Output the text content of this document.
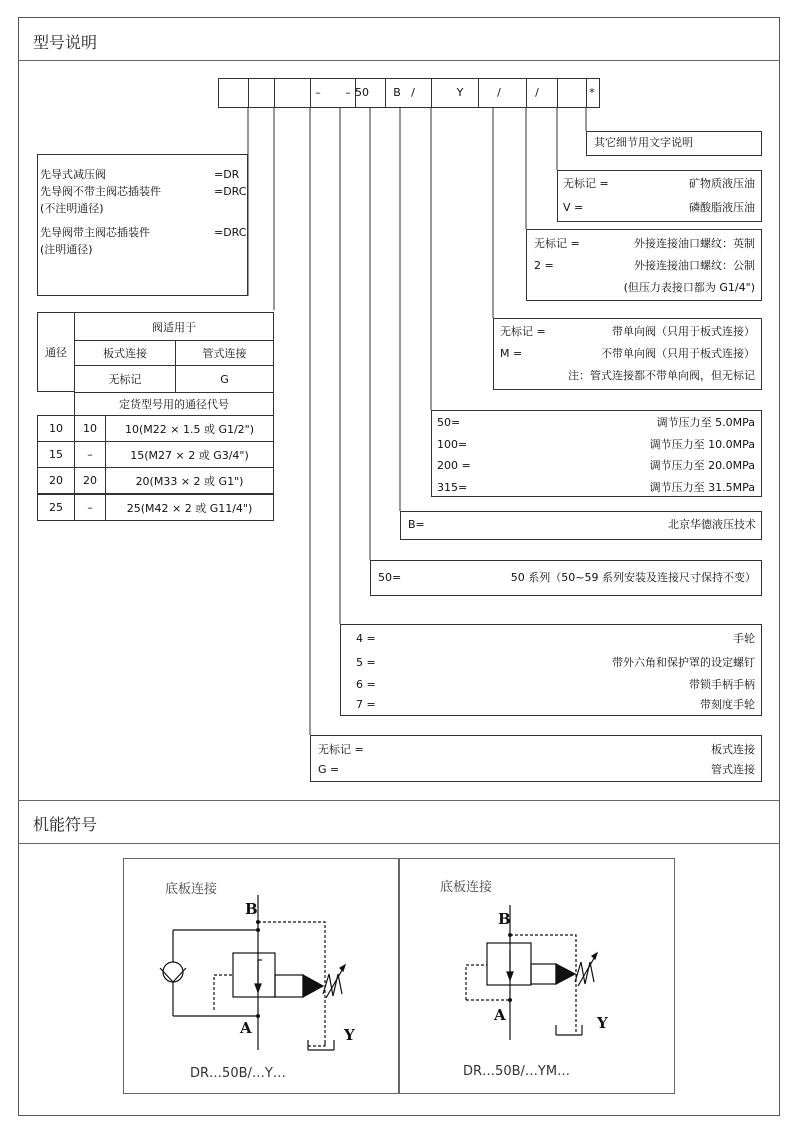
型号说明
其它细节用文字说明
B=	北京华德液压技术
50=	50 系列（50~59 系列安装及连接尺寸保持不变）
机能符号
底板连接	底板连接
DR…50B/…Y…	DR…50B/…YM…
B
A	Y
B
A	Y
–	– 50	B /	Y	/	/	*
先导式减压阀	=DR
先导阀不带主阀芯插装件	=DRC
(不注明通径)
先导阀带主阀芯插装件	=DRC
(注明通径)
通径
阀适用于
板式连接	管式连接
无标记	G
定货型号用的通径代号
10	10	10(M22 × 1.5 或 G1/2")
15	–	15(M27 × 2 或 G3/4")
20	20	20(M33 × 2 或 G1")
25	–	25(M42 × 2 或 G11/4")
无标记 =	矿物质液压油
V =	磷酸脂液压油
无标记 =	外接连接油口螺纹：英制
2 =	外接连接油口螺纹：公制
(但压力表接口都为 G1/4")
无标记 =	带单向阀（只用于板式连接）
M =	不带单向阀（只用于板式连接）
注：管式连接都不带单向阀，但无标记
50=	调节压力至 5.0MPa
100=	调节压力至 10.0MPa
200 =	调节压力至 20.0MPa
315=	调节压力至 31.5MPa
4 =	手轮
5 =	带外六角和保护罩的设定螺钉
6 =	带锁手柄手柄
7 =	带刻度手轮
无标记 =	板式连接
G =	管式连接
